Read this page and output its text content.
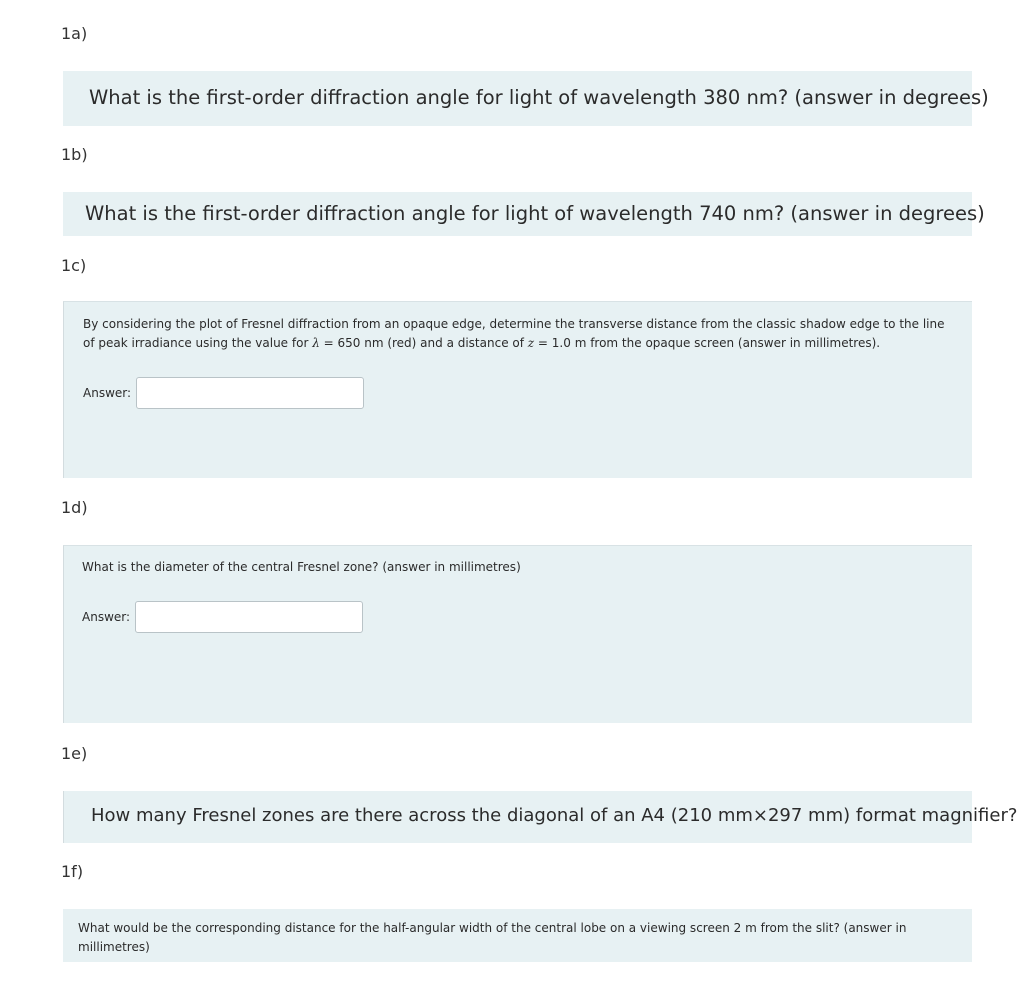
1a)
What is the first-order diffraction angle for light of wavelength 380 nm? (answer in degrees)
1b)
What is the first-order diffraction angle for light of wavelength 740 nm? (answer in degrees)
1c)
By considering the plot of Fresnel diffraction from an opaque edge, determine the transverse distance from the classic shadow edge to the line of peak irradiance using the value for λ = 650 nm (red) and a distance of z = 1.0 m from the opaque screen (answer in millimetres).
Answer:
1d)
What is the diameter of the central Fresnel zone? (answer in millimetres)
Answer:
1e)
How many Fresnel zones are there across the diagonal of an A4 (210 mm×297 mm) format magnifier?
1f)
What would be the corresponding distance for the half-angular width of the central lobe on a viewing screen 2 m from the slit? (answer in millimetres)
